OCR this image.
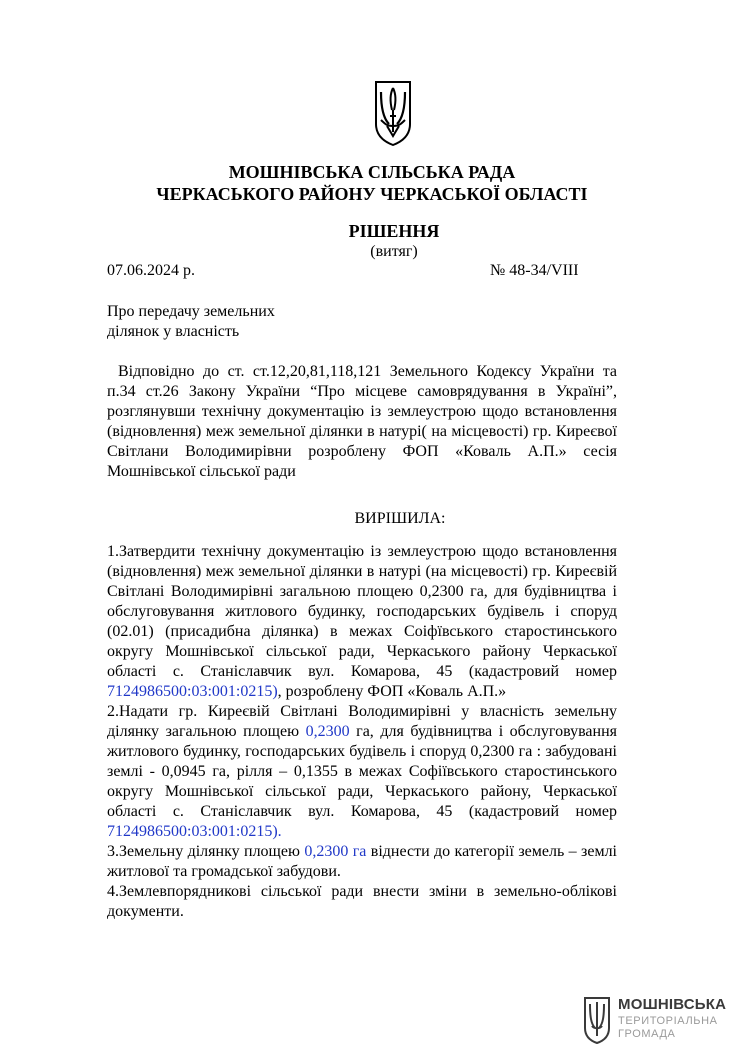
МОШНІВСЬКА СІЛЬСЬКА РАДА
ЧЕРКАСЬКОГО РАЙОНУ ЧЕРКАСЬКОЇ ОБЛАСТІ
РІШЕННЯ
(витяг)
07.06.2024 р.	№ 48-34/VIII
Про передачу земельних
ділянок у власність
Відповідно до ст. ст.12,20,81,118,121 Земельного Кодексу України та п.34 ст.26 Закону України “Про місцеве самоврядування в Україні”, розглянувши технічну документацію із землеустрою щодо встановлення (відновлення) меж земельної ділянки в натурі( на місцевості) гр. Киреєвої Світлани Володимирівни розроблену ФОП «Коваль А.П.» сесія Мошнівської сільської ради
ВИРІШИЛА:

1.Затвердити технічну документацію із землеустрою щодо встановлення (відновлення) меж земельної ділянки в натурі (на місцевості) гр. Киреєвій Світлані Володимирівні загальною площею 0,2300 га, для будівництва і обслуговування житлового будинку, господарських будівель і споруд (02.01) (присадибна ділянка) в межах Соіфївського старостинського округу Мошнівської сільської ради, Черкаського району Черкаської області с. Станіславчик вул. Комарова, 45 (кадастровий номер 7124986500:03:001:0215), розроблену ФОП «Коваль А.П.»

2.Надати гр. Киреєвій Світлані Володимирівні у власність земельну ділянку загальною площею 0,2300 га, для будівництва і обслуговування житлового будинку, господарських будівель і споруд 0,2300 га : забудовані землі - 0,0945 га, рілля – 0,1355 в межах Софіївського старостинського округу Мошнівської сільської ради, Черкаського району, Черкаської області с. Станіславчик вул. Комарова, 45 (кадастровий номер 7124986500:03:001:0215).

3.Земельну ділянку площею 0,2300 га віднести до категорії земель – землі житлової та громадської забудови.

4.Землевпорядникові сільської ради внести зміни в земельно-облікові документи.

МОШНІВСЬКА
ТЕРИТОРІАЛЬНА
ГРОМАДА
